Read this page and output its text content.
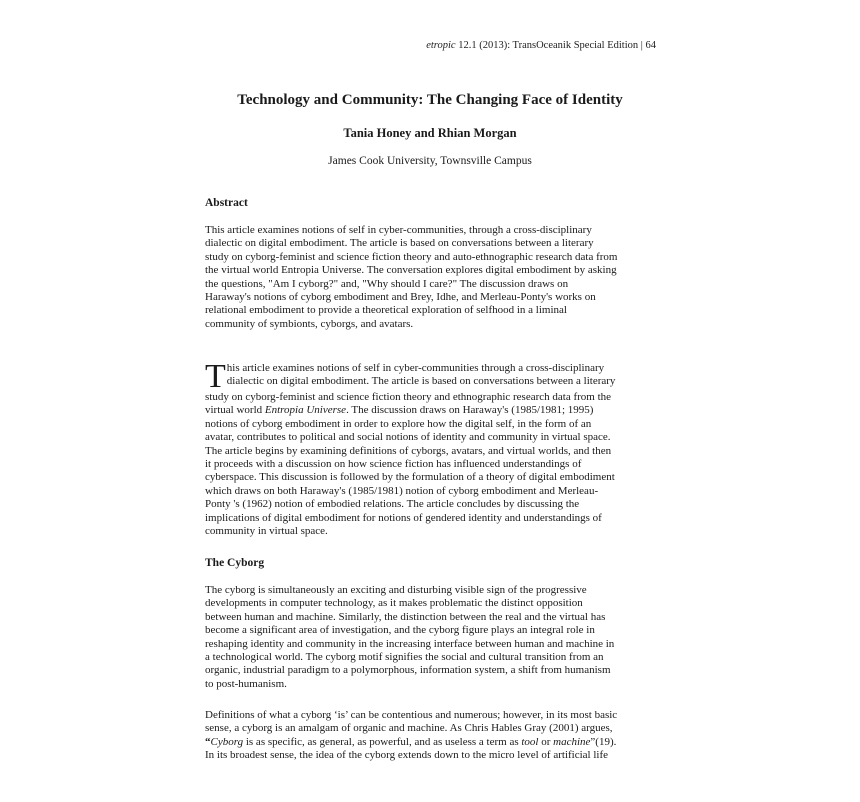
etropic 12.1 (2013): TransOceanik Special Edition | 64
Technology and Community: The Changing Face of Identity
Tania Honey and Rhian Morgan
James Cook University, Townsville Campus
Abstract
This article examines notions of self in cyber-communities, through a cross-disciplinary
dialectic on digital embodiment. The article is based on conversations between a literary
study on cyborg-feminist and science fiction theory and auto-ethnographic research data from
the virtual world Entropia Universe. The conversation explores digital embodiment by asking
the questions, "Am I cyborg?" and, "Why should I care?" The discussion draws on
Haraway's notions of cyborg embodiment and Brey, Idhe, and Merleau-Ponty's works on
relational embodiment to provide a theoretical exploration of selfhood in a liminal
community of symbionts, cyborgs, and avatars.
T his article examines notions of self in cyber-communities through a cross-disciplinary
dialectic on digital embodiment. The article is based on conversations between a literary
study on cyborg-feminist and science fiction theory and ethnographic research data from the
virtual world Entropia Universe. The discussion draws on Haraway's (1985/1981; 1995)
notions of cyborg embodiment in order to explore how the digital self, in the form of an
avatar, contributes to political and social notions of identity and community in virtual space.
The article begins by examining definitions of cyborgs, avatars, and virtual worlds, and then
it proceeds with a discussion on how science fiction has influenced understandings of
cyberspace. This discussion is followed by the formulation of a theory of digital embodiment
which draws on both Haraway's (1985/1981) notion of cyborg embodiment and Merleau-
Ponty 's (1962) notion of embodied relations. The article concludes by discussing the
implications of digital embodiment for notions of gendered identity and understandings of
community in virtual space.
The Cyborg
The cyborg is simultaneously an exciting and disturbing visible sign of the progressive
developments in computer technology, as it makes problematic the distinct opposition
between human and machine. Similarly, the distinction between the real and the virtual has
become a significant area of investigation, and the cyborg figure plays an integral role in
reshaping identity and community in the increasing interface between human and machine in
a technological world. The cyborg motif signifies the social and cultural transition from an
organic, industrial paradigm to a polymorphous, information system, a shift from humanism
to post-humanism.
Definitions of what a cyborg ‘is’ can be contentious and numerous; however, in its most basic
sense, a cyborg is an amalgam of organic and machine. As Chris Hables Gray (2001) argues,
“Cyborg is as specific, as general, as powerful, and as useless a term as tool or machine”(19).
In its broadest sense, the idea of the cyborg extends down to the micro level of artificial life
